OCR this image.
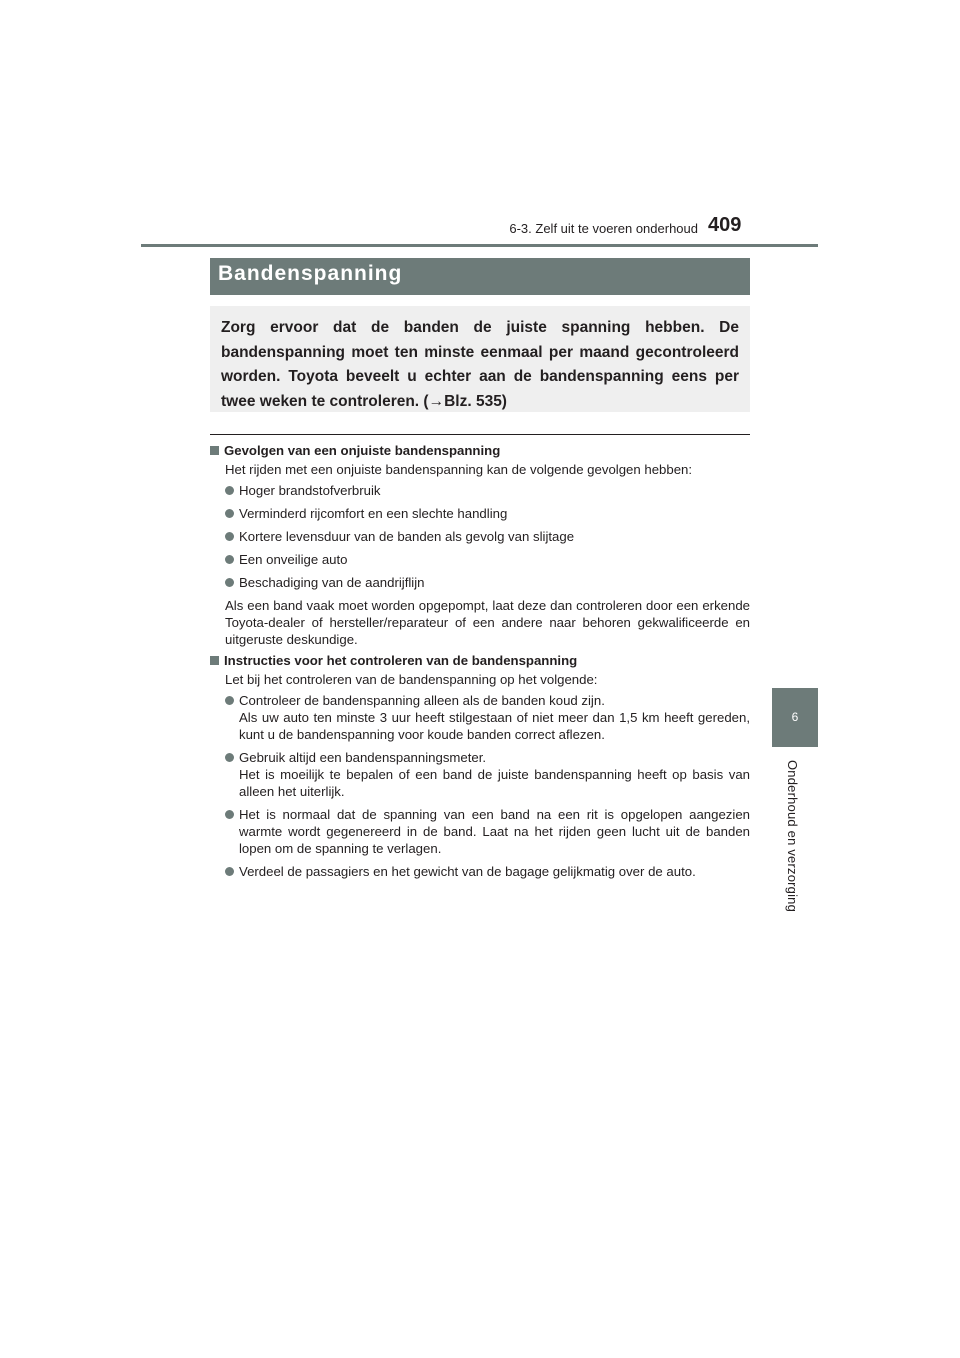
6-3. Zelf uit te voeren onderhoud 409
6
Onderhoud en verzorging
Bandenspanning
Zorg ervoor dat de banden de juiste spanning hebben. De bandenspanning moet ten minste eenmaal per maand gecontroleerd worden. Toyota beveelt u echter aan de bandenspanning eens per twee weken te controleren. (→Blz. 535)
Gevolgen van een onjuiste bandenspanning
Het rijden met een onjuiste bandenspanning kan de volgende gevolgen hebben:
Hoger brandstofverbruik
Verminderd rijcomfort en een slechte handling
Kortere levensduur van de banden als gevolg van slijtage
Een onveilige auto
Beschadiging van de aandrijflijn
Als een band vaak moet worden opgepompt, laat deze dan controleren door een erkende Toyota-dealer of hersteller/reparateur of een andere naar behoren gekwalificeerde en uitgeruste deskundige.
Instructies voor het controleren van de bandenspanning
Let bij het controleren van de bandenspanning op het volgende:
Controleer de bandenspanning alleen als de banden koud zijn.
Als uw auto ten minste 3 uur heeft stilgestaan of niet meer dan 1,5 km heeft gereden, kunt u de bandenspanning voor koude banden correct aflezen.
Gebruik altijd een bandenspanningsmeter.
Het is moeilijk te bepalen of een band de juiste bandenspanning heeft op basis van alleen het uiterlijk.
Het is normaal dat de spanning van een band na een rit is opgelopen aangezien warmte wordt gegenereerd in de band. Laat na het rijden geen lucht uit de banden lopen om de spanning te verlagen.
Verdeel de passagiers en het gewicht van de bagage gelijkmatig over de auto.
